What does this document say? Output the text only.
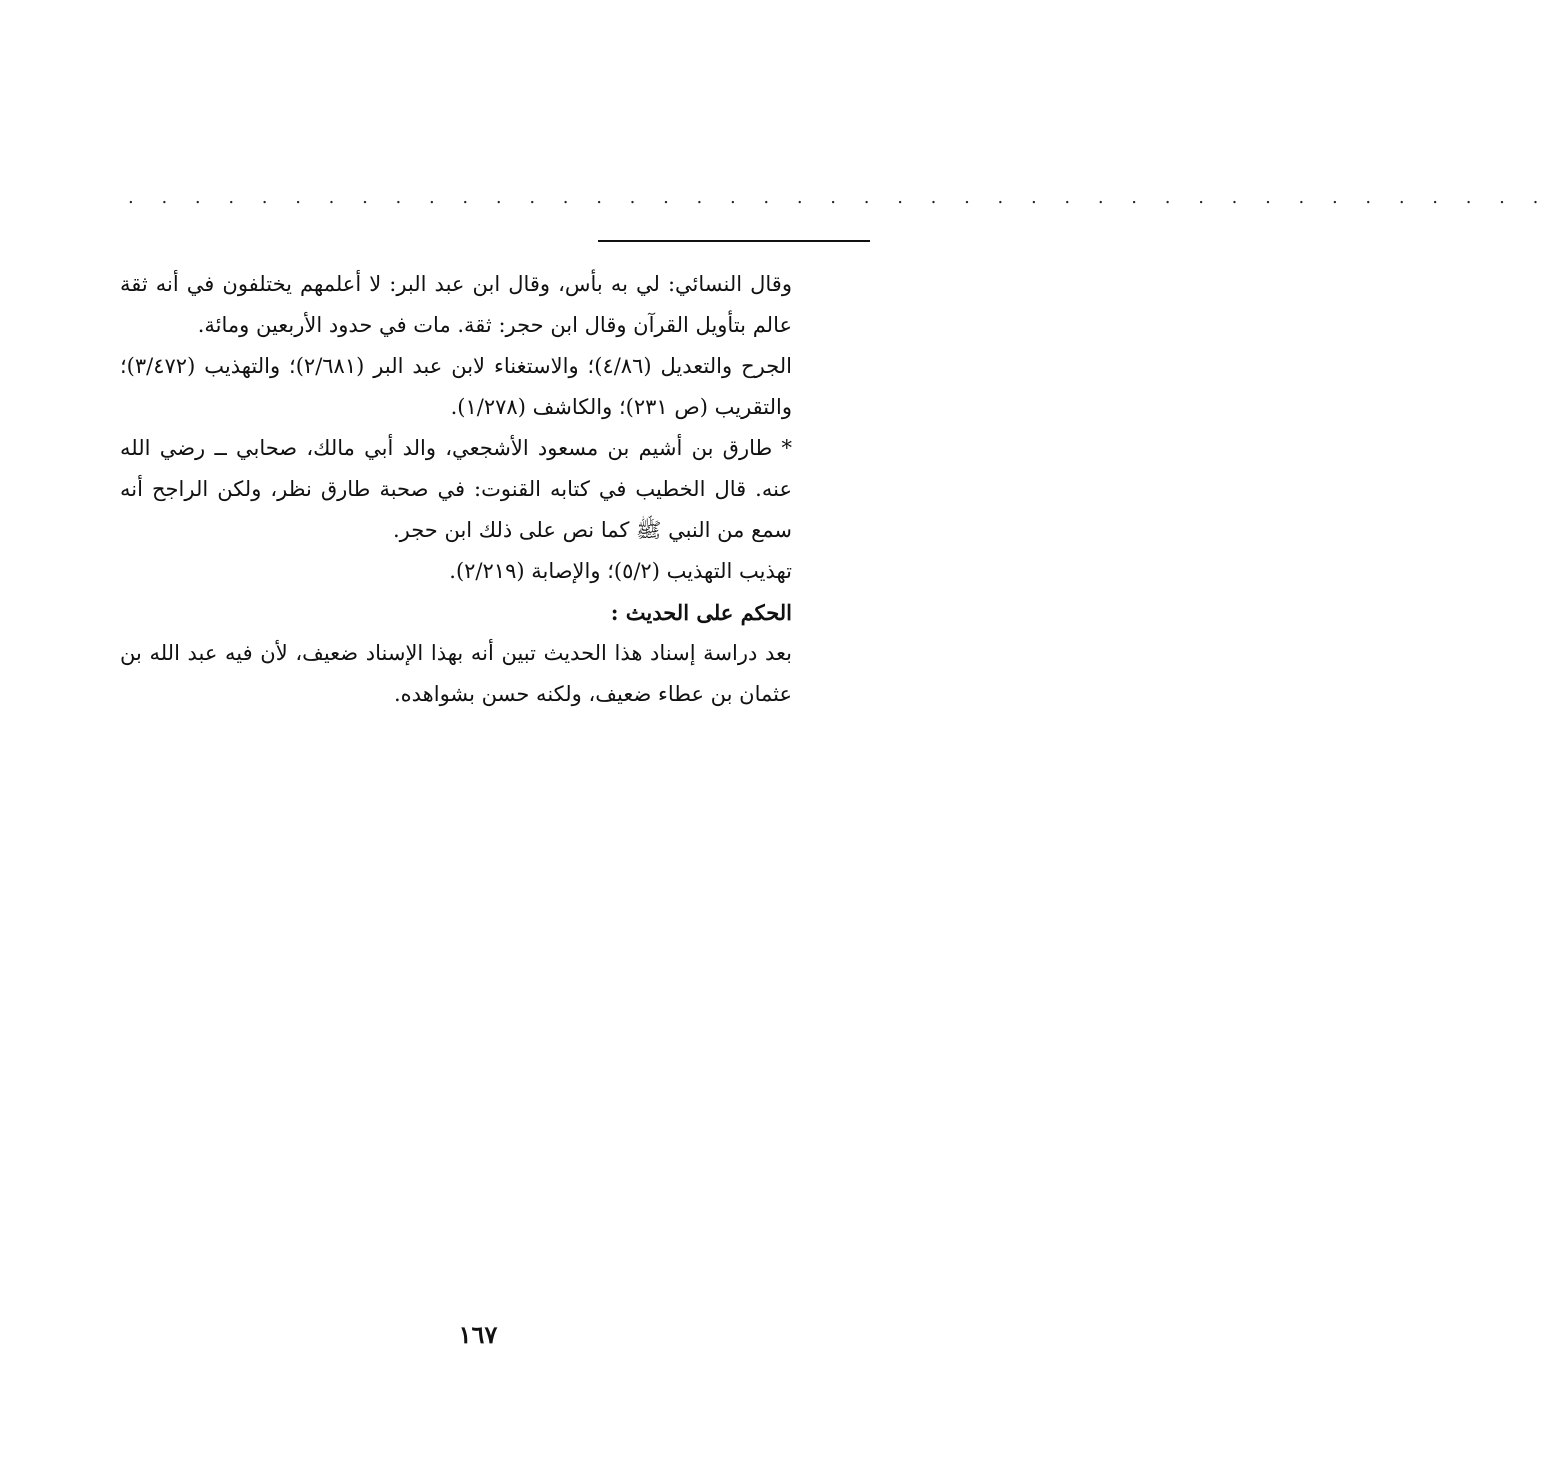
. . . . . . . . . . . . . . . . . . . . . . . . . . . . . . . . . . . . . . . . . . .

وقال النسائي: لي به بأس، وقال ابن عبد البر: لا أعلمهم يختلفون في أنه ثقة عالم بتأويل القرآن وقال ابن حجر: ثقة. مات في حدود الأربعين ومائة.

الجرح والتعديل (٤/٨٦)؛ والاستغناء لابن عبد البر (٢/٦٨١)؛ والتهذيب (٣/٤٧٢)؛ والتقريب (ص ٢٣١)؛ والكاشف (١/٢٧٨).

* طارق بن أشيم بن مسعود الأشجعي، والد أبي مالك، صحابي ــ رضي الله عنه. قال الخطيب في كتابه القنوت: في صحبة طارق نظر، ولكن الراجح أنه سمع من النبي ﷺ كما نص على ذلك ابن حجر.

تهذيب التهذيب (٥/٢)؛ والإصابة (٢/٢١٩).

الحكم على الحديث :

بعد دراسة إسناد هذا الحديث تبين أنه بهذا الإسناد ضعيف، لأن فيه عبد الله بن عثمان بن عطاء ضعيف، ولكنه حسن بشواهده.

١٦٧
